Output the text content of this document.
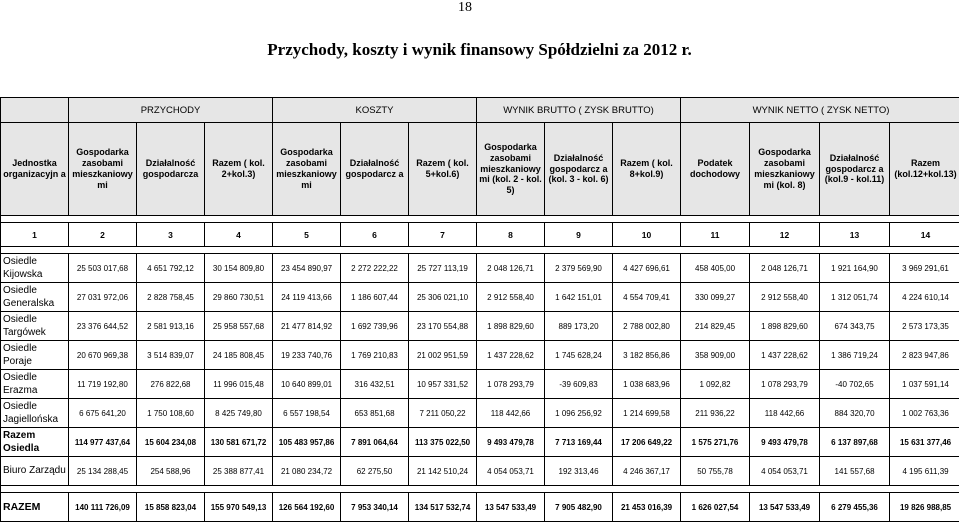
18
Przychody, koszty i wynik finansowy Spółdzielni za 2012 r.
	PRZYCHODY			KOSZTY			WYNIK BRUTTO ( ZYSK BRUTTO)			WYNIK NETTO ( ZYSK NETTO)			
Jednostka organizacyjn a	Gospodarka zasobami mieszkaniowy mi	Działalność gospodarcza	Razem ( kol. 2+kol.3)	Gospodarka zasobami mieszkaniowy mi	Działalność gospodarcz a	Razem ( kol. 5+kol.6)	Gospodarka zasobami mieszkaniowy mi (kol. 2 - kol. 5)	Działalność gospodarcz a (kol. 3 - kol. 6)	Razem ( kol. 8+kol.9)	Podatek dochodowy	Gospodarka zasobami mieszkaniowy mi (kol. 8)	Działalność gospodarcz a (kol.9 - kol.11)	Razem (kol.12+kol.13)

1	2	3	4	5	6	7	8	9	10	11	12	13	14

Osiedle Kijowska	25 503 017,68	4 651 792,12	30 154 809,80	23 454 890,97	2 272 222,22	25 727 113,19	2 048 126,71	2 379 569,90	4 427 696,61	458 405,00	2 048 126,71	1 921 164,90	3 969 291,61
Osiedle Generalska	27 031 972,06	2 828 758,45	29 860 730,51	24 119 413,66	1 186 607,44	25 306 021,10	2 912 558,40	1 642 151,01	4 554 709,41	330 099,27	2 912 558,40	1 312 051,74	4 224 610,14
Osiedle Targówek	23 376 644,52	2 581 913,16	25 958 557,68	21 477 814,92	1 692 739,96	23 170 554,88	1 898 829,60	889 173,20	2 788 002,80	214 829,45	1 898 829,60	674 343,75	2 573 173,35
Osiedle Poraje	20 670 969,38	3 514 839,07	24 185 808,45	19 233 740,76	1 769 210,83	21 002 951,59	1 437 228,62	1 745 628,24	3 182 856,86	358 909,00	1 437 228,62	1 386 719,24	2 823 947,86
Osiedle Erazma	11 719 192,80	276 822,68	11 996 015,48	10 640 899,01	316 432,51	10 957 331,52	1 078 293,79	-39 609,83	1 038 683,96	1 092,82	1 078 293,79	-40 702,65	1 037 591,14
Osiedle Jagiellońska	6 675 641,20	1 750 108,60	8 425 749,80	6 557 198,54	653 851,68	7 211 050,22	118 442,66	1 096 256,92	1 214 699,58	211 936,22	118 442,66	884 320,70	1 002 763,36
Razem Osiedla	114 977 437,64	15 604 234,08	130 581 671,72	105 483 957,86	7 891 064,64	113 375 022,50	9 493 479,78	7 713 169,44	17 206 649,22	1 575 271,76	9 493 479,78	6 137 897,68	15 631 377,46
Biuro Zarządu	25 134 288,45	254 588,96	25 388 877,41	21 080 234,72	62 275,50	21 142 510,24	4 054 053,71	192 313,46	4 246 367,17	50 755,78	4 054 053,71	141 557,68	4 195 611,39

RAZEM	140 111 726,09	15 858 823,04	155 970 549,13	126 564 192,60	7 953 340,14	134 517 532,74	13 547 533,49	7 905 482,90	21 453 016,39	1 626 027,54	13 547 533,49	6 279 455,36	19 826 988,85
